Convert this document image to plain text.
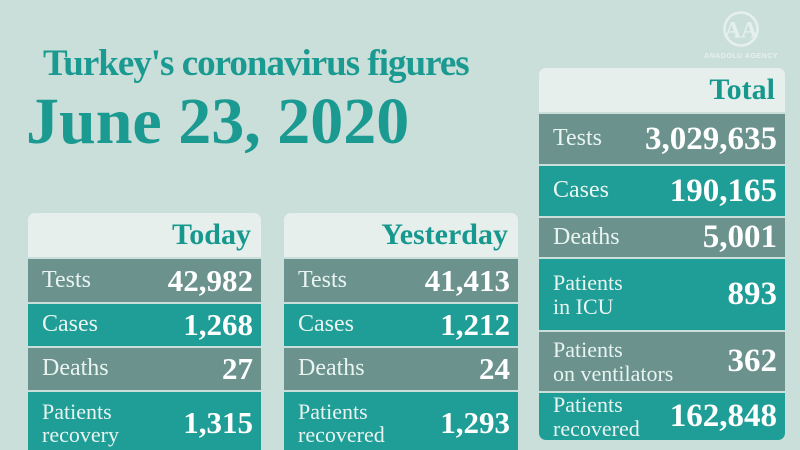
Turkey's coronavirus figures
June 23, 2020
AA
ANADOLU AGENCY
Today
Tests 42,982
Cases	1,268
Deaths	27
Patients
recovery 1,315
Yesterday
Tests	41,413
Cases	1,212
Deaths	24
Patients
recovered 1,293
Total
Tests 3,029,635
Cases 190,165
Deaths	5,001
Patients
in ICU	893
Patients
on ventilators 362
Patients
recovered 162,848
